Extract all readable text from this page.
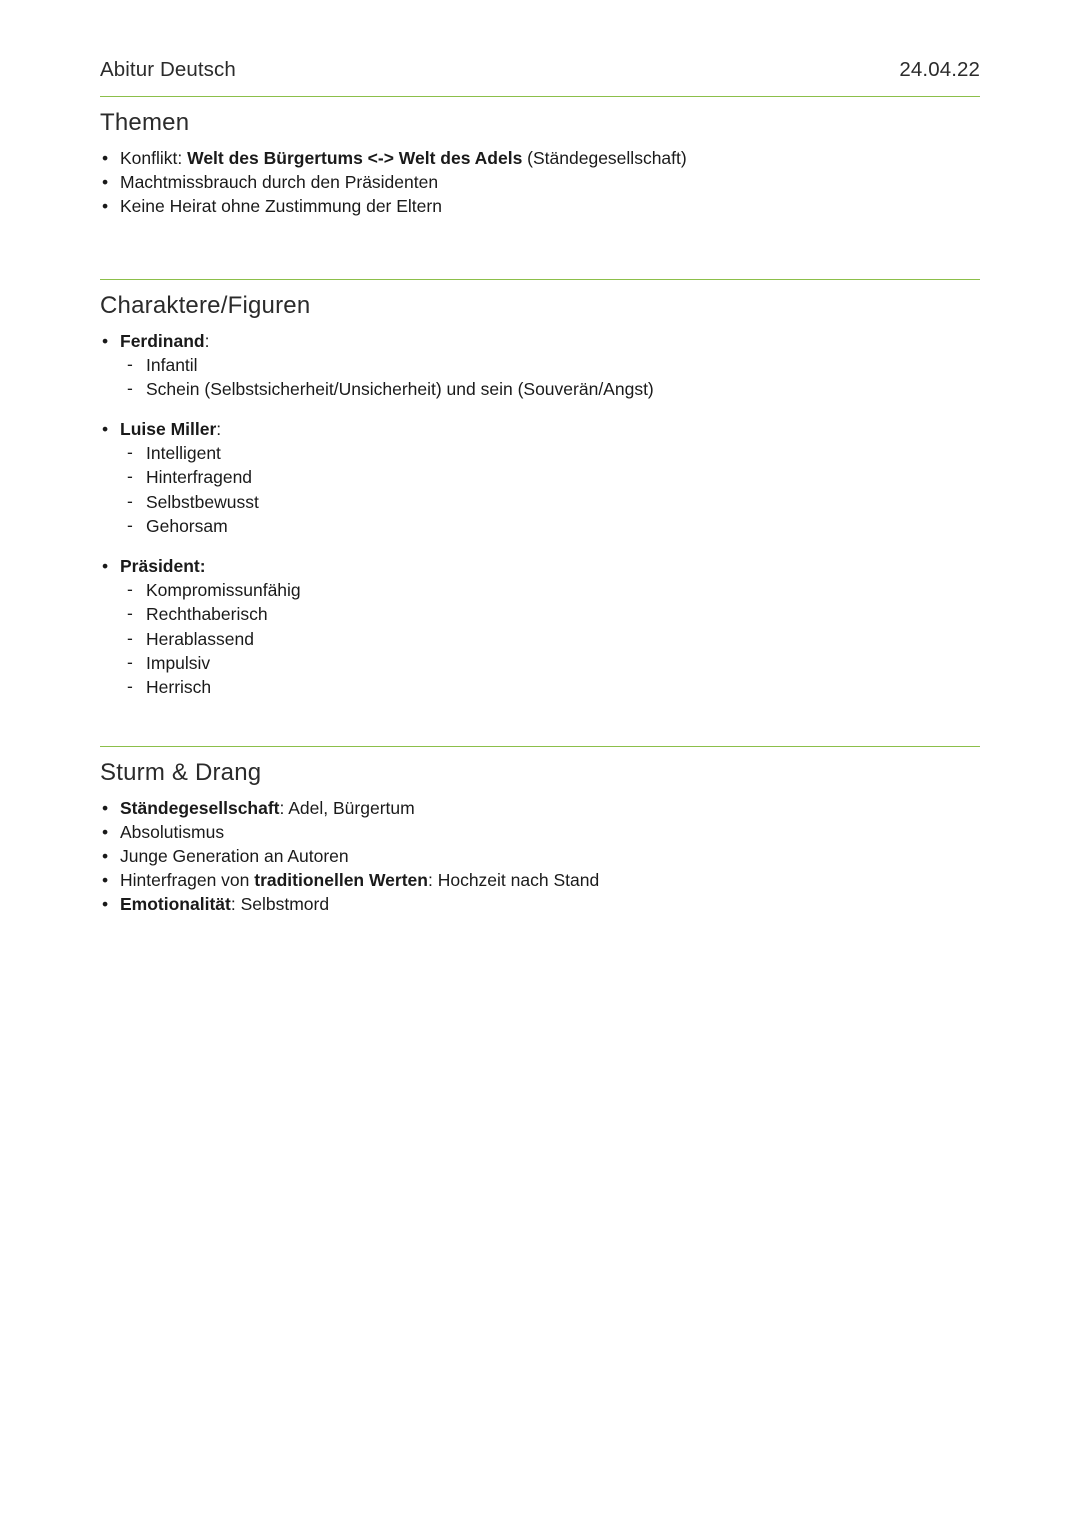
Abitur Deutsch	24.04.22
Themen
• Konflikt: Welt des Bürgertums <-> Welt des Adels (Ständegesellschaft)
• Machtmissbrauch durch den Präsidenten
• Keine Heirat ohne Zustimmung der Eltern
Charaktere/Figuren
• Ferdinand:
- Infantil
- Schein (Selbstsicherheit/Unsicherheit) und sein (Souverän/Angst)
• Luise Miller:
- Intelligent
- Hinterfragend
- Selbstbewusst
- Gehorsam
• Präsident:
- Kompromissunfähig
- Rechthaberisch
- Herablassend
- Impulsiv
- Herrisch
Sturm & Drang
• Ständegesellschaft: Adel, Bürgertum
• Absolutismus
• Junge Generation an Autoren
• Hinterfragen von traditionellen Werten: Hochzeit nach Stand
• Emotionalität: Selbstmord
